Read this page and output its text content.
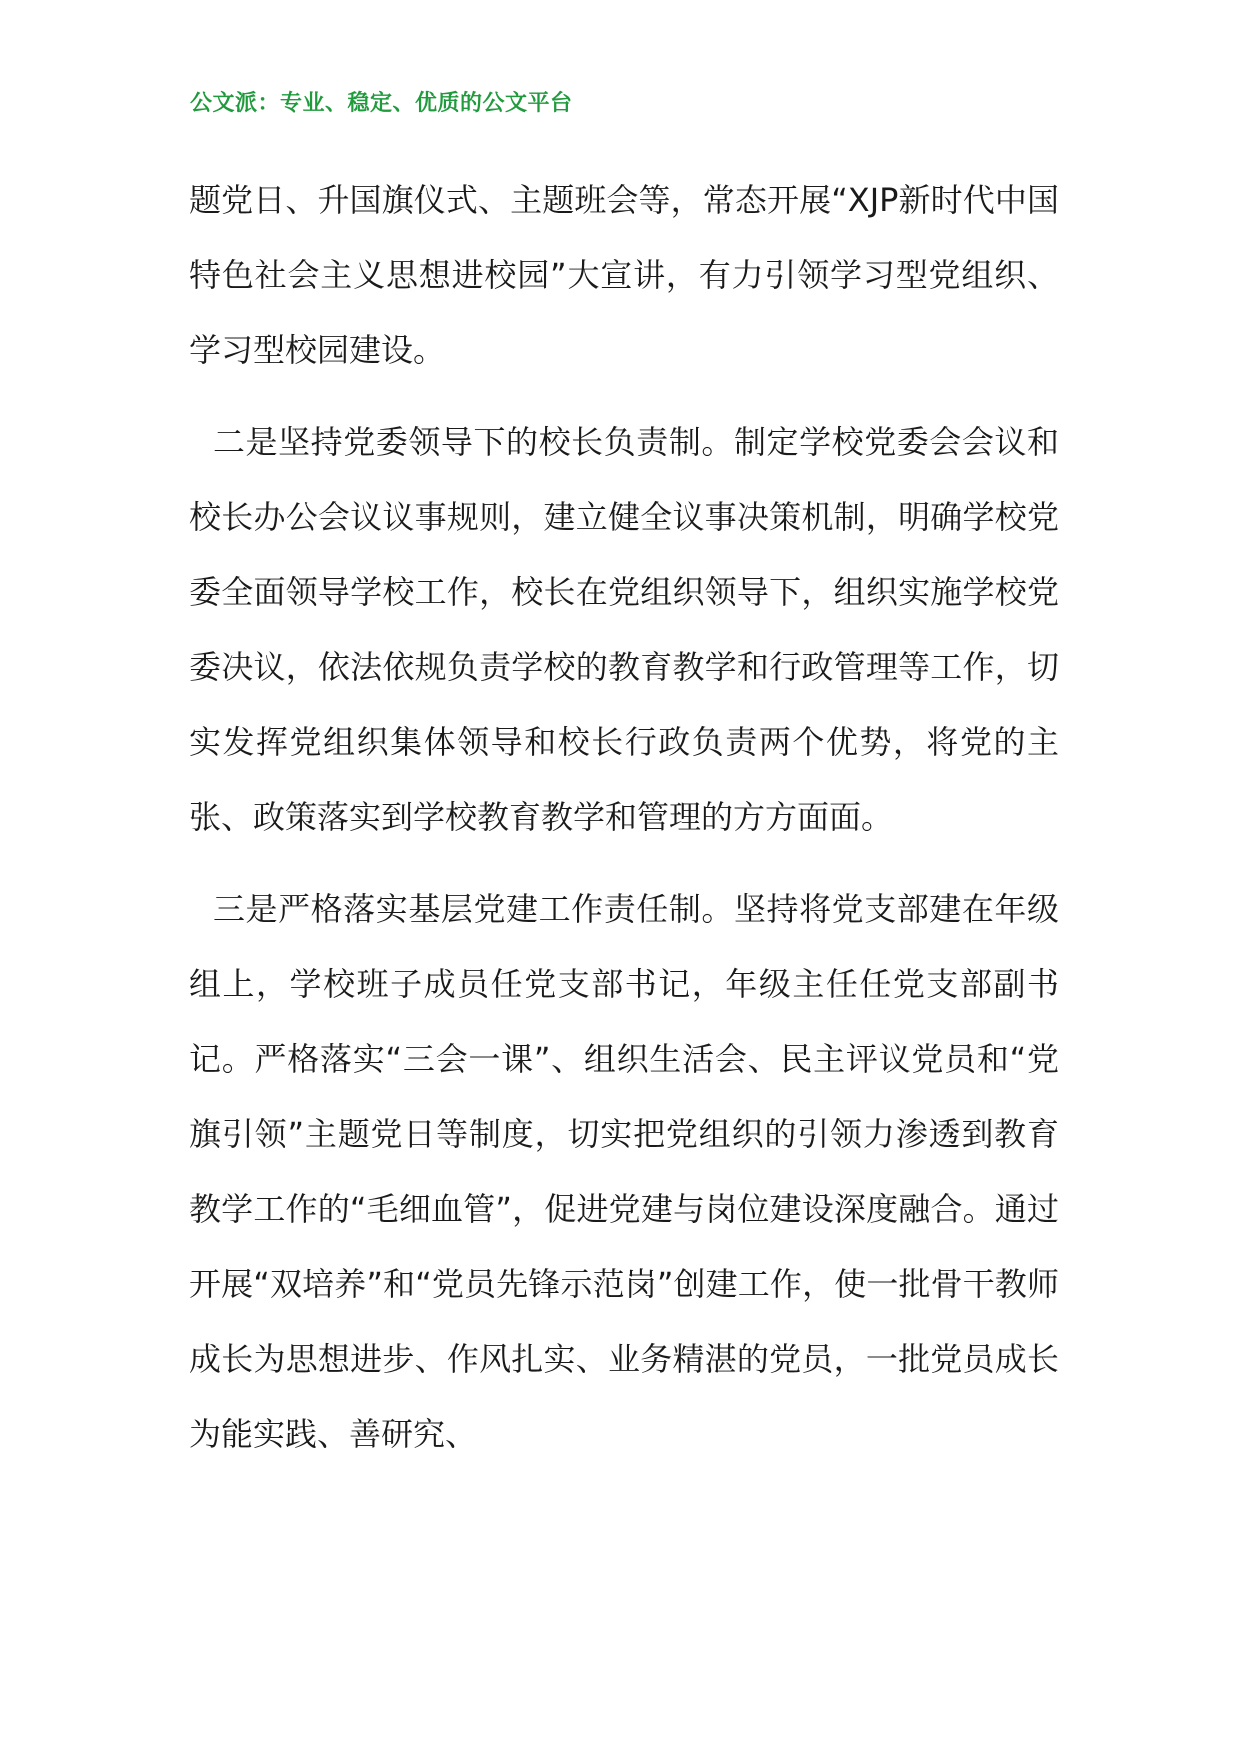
公文派：专业、稳定、优质的公文平台

题党日、升国旗仪式、主题班会等，常态开展“XJP新时代中国特色社会主义思想进校园”大宣讲，有力引领学习型党组织、学习型校园建设。

二是坚持党委领导下的校长负责制。制定学校党委会会议和校长办公会议议事规则，建立健全议事决策机制，明确学校党委全面领导学校工作，校长在党组织领导下，组织实施学校党委决议，依法依规负责学校的教育教学和行政管理等工作，切实发挥党组织集体领导和校长行政负责两个优势，将党的主张、政策落实到学校教育教学和管理的方方面面。

三是严格落实基层党建工作责任制。坚持将党支部建在年级组上，学校班子成员任党支部书记，年级主任任党支部副书记。严格落实“三会一课”、组织生活会、民主评议党员和“党旗引领”主题党日等制度，切实把党组织的引领力渗透到教育教学工作的“毛细血管”，促进党建与岗位建设深度融合。通过开展“双培养”和“党员先锋示范岗”创建工作，使一批骨干教师成长为思想进步、作风扎实、业务精湛的党员，一批党员成长为能实践、善研究、
